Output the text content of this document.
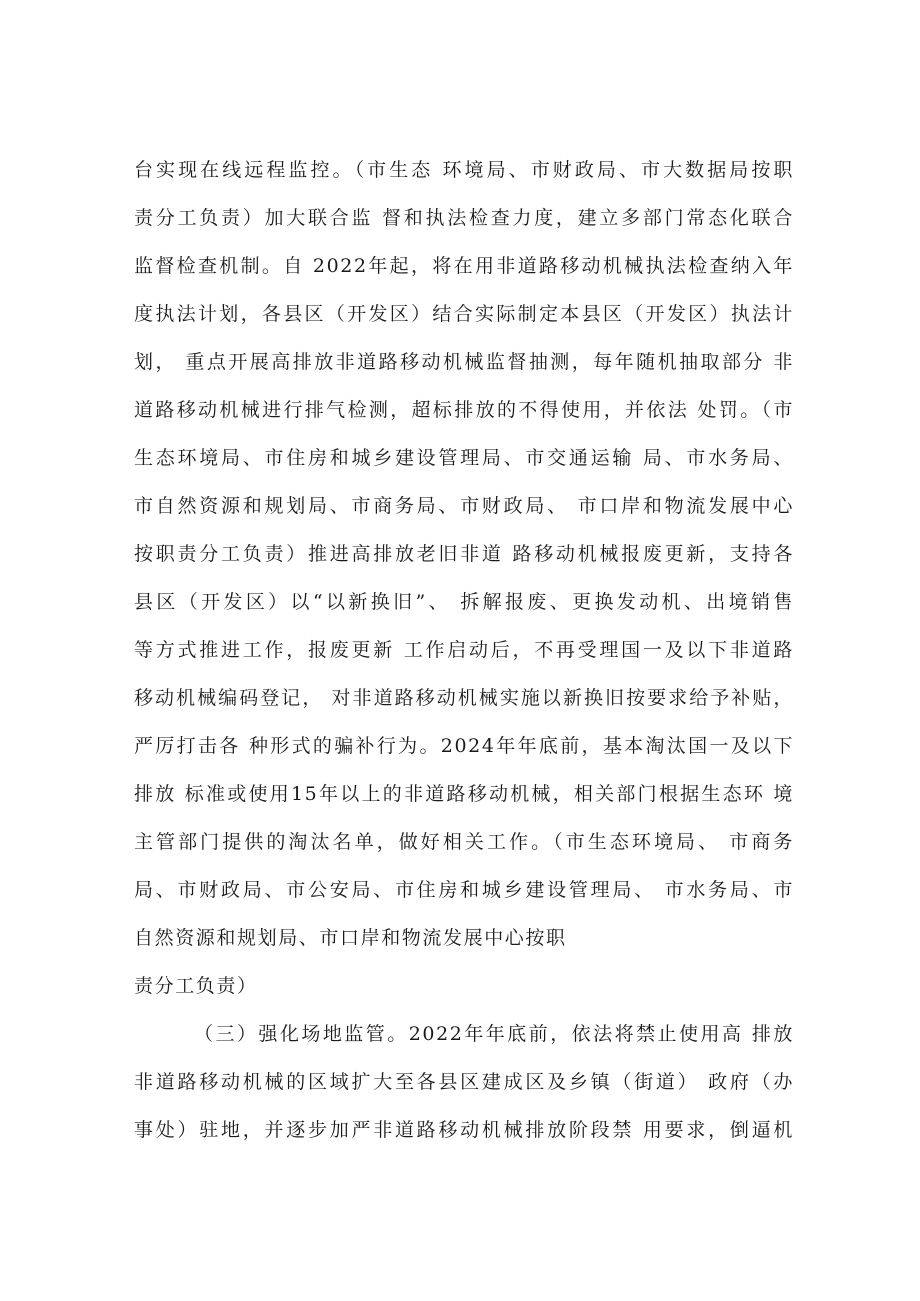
台实现在线远程监控。（市生态 环境局、市财政局、市大数据局按职
责分工负责）加大联合监 督和执法检查力度，建立多部门常态化联合
监督检查机制。自 2022年起，将在用非道路移动机械执法检查纳入年
度执法计划，各县区（开发区）结合实际制定本县区（开发区）执法计
划， 重点开展高排放非道路移动机械监督抽测，每年随机抽取部分 非
道路移动机械进行排气检测，超标排放的不得使用，并依法 处罚。（市
生态环境局、市住房和城乡建设管理局、市交通运输 局、市水务局、
市自然资源和规划局、市商务局、市财政局、 市口岸和物流发展中心
按职责分工负责）推进高排放老旧非道 路移动机械报废更新，支持各
县区（开发区）以“以新换旧”、 拆解报废、更换发动机、出境销售
等方式推进工作，报废更新 工作启动后，不再受理国一及以下非道路
移动机械编码登记， 对非道路移动机械实施以新换旧按要求给予补贴，
严厉打击各 种形式的骗补行为。2024年年底前，基本淘汰国一及以下
排放 标准或使用15年以上的非道路移动机械，相关部门根据生态环 境
主管部门提供的淘汰名单，做好相关工作。（市生态环境局、 市商务
局、市财政局、市公安局、市住房和城乡建设管理局、 市水务局、市
自然资源和规划局、市口岸和物流发展中心按职
责分工负责）
（三）强化场地监管。2022年年底前，依法将禁止使用高 排放
非道路移动机械的区域扩大至各县区建成区及乡镇（街道） 政府（办
事处）驻地，并逐步加严非道路移动机械排放阶段禁 用要求，倒逼机
